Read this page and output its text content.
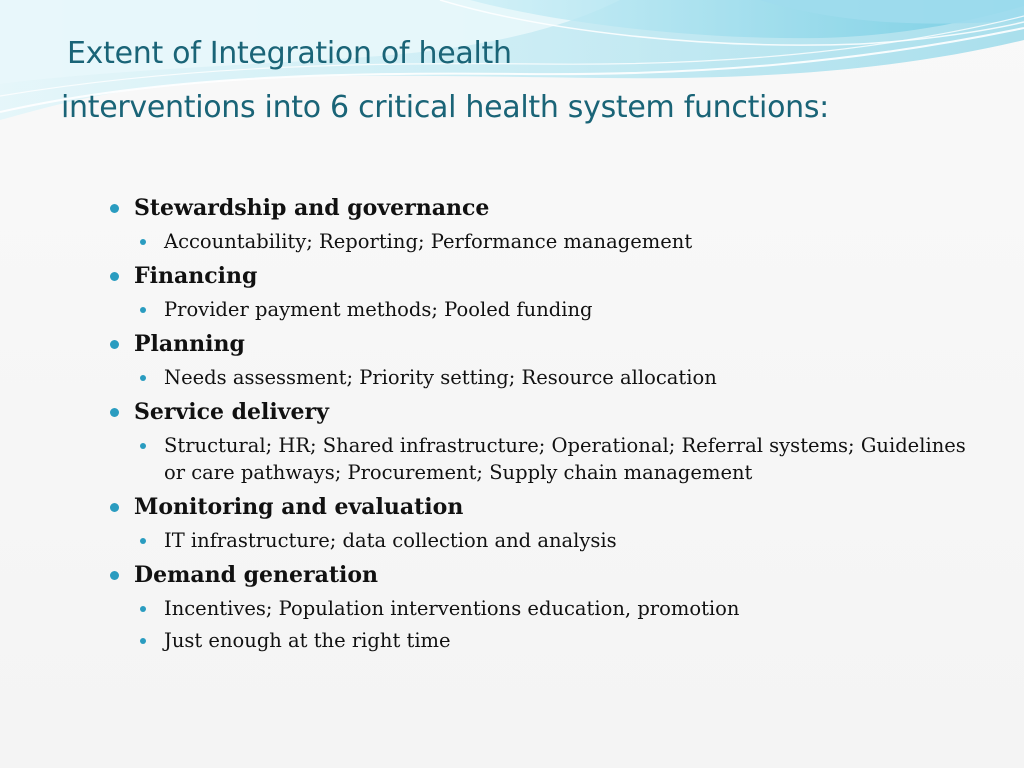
Extent of Integration of health
interventions into 6 critical health system functions:
Stewardship and governance
Accountability; Reporting; Performance management
Financing
Provider payment methods; Pooled funding
Planning
Needs assessment; Priority setting; Resource allocation
Service delivery
Structural; HR; Shared infrastructure; Operational; Referral systems; Guidelines or care pathways; Procurement; Supply chain management
Monitoring and evaluation
IT infrastructure; data collection and analysis
Demand generation
Incentives; Population interventions education, promotion
Just enough at the right time
